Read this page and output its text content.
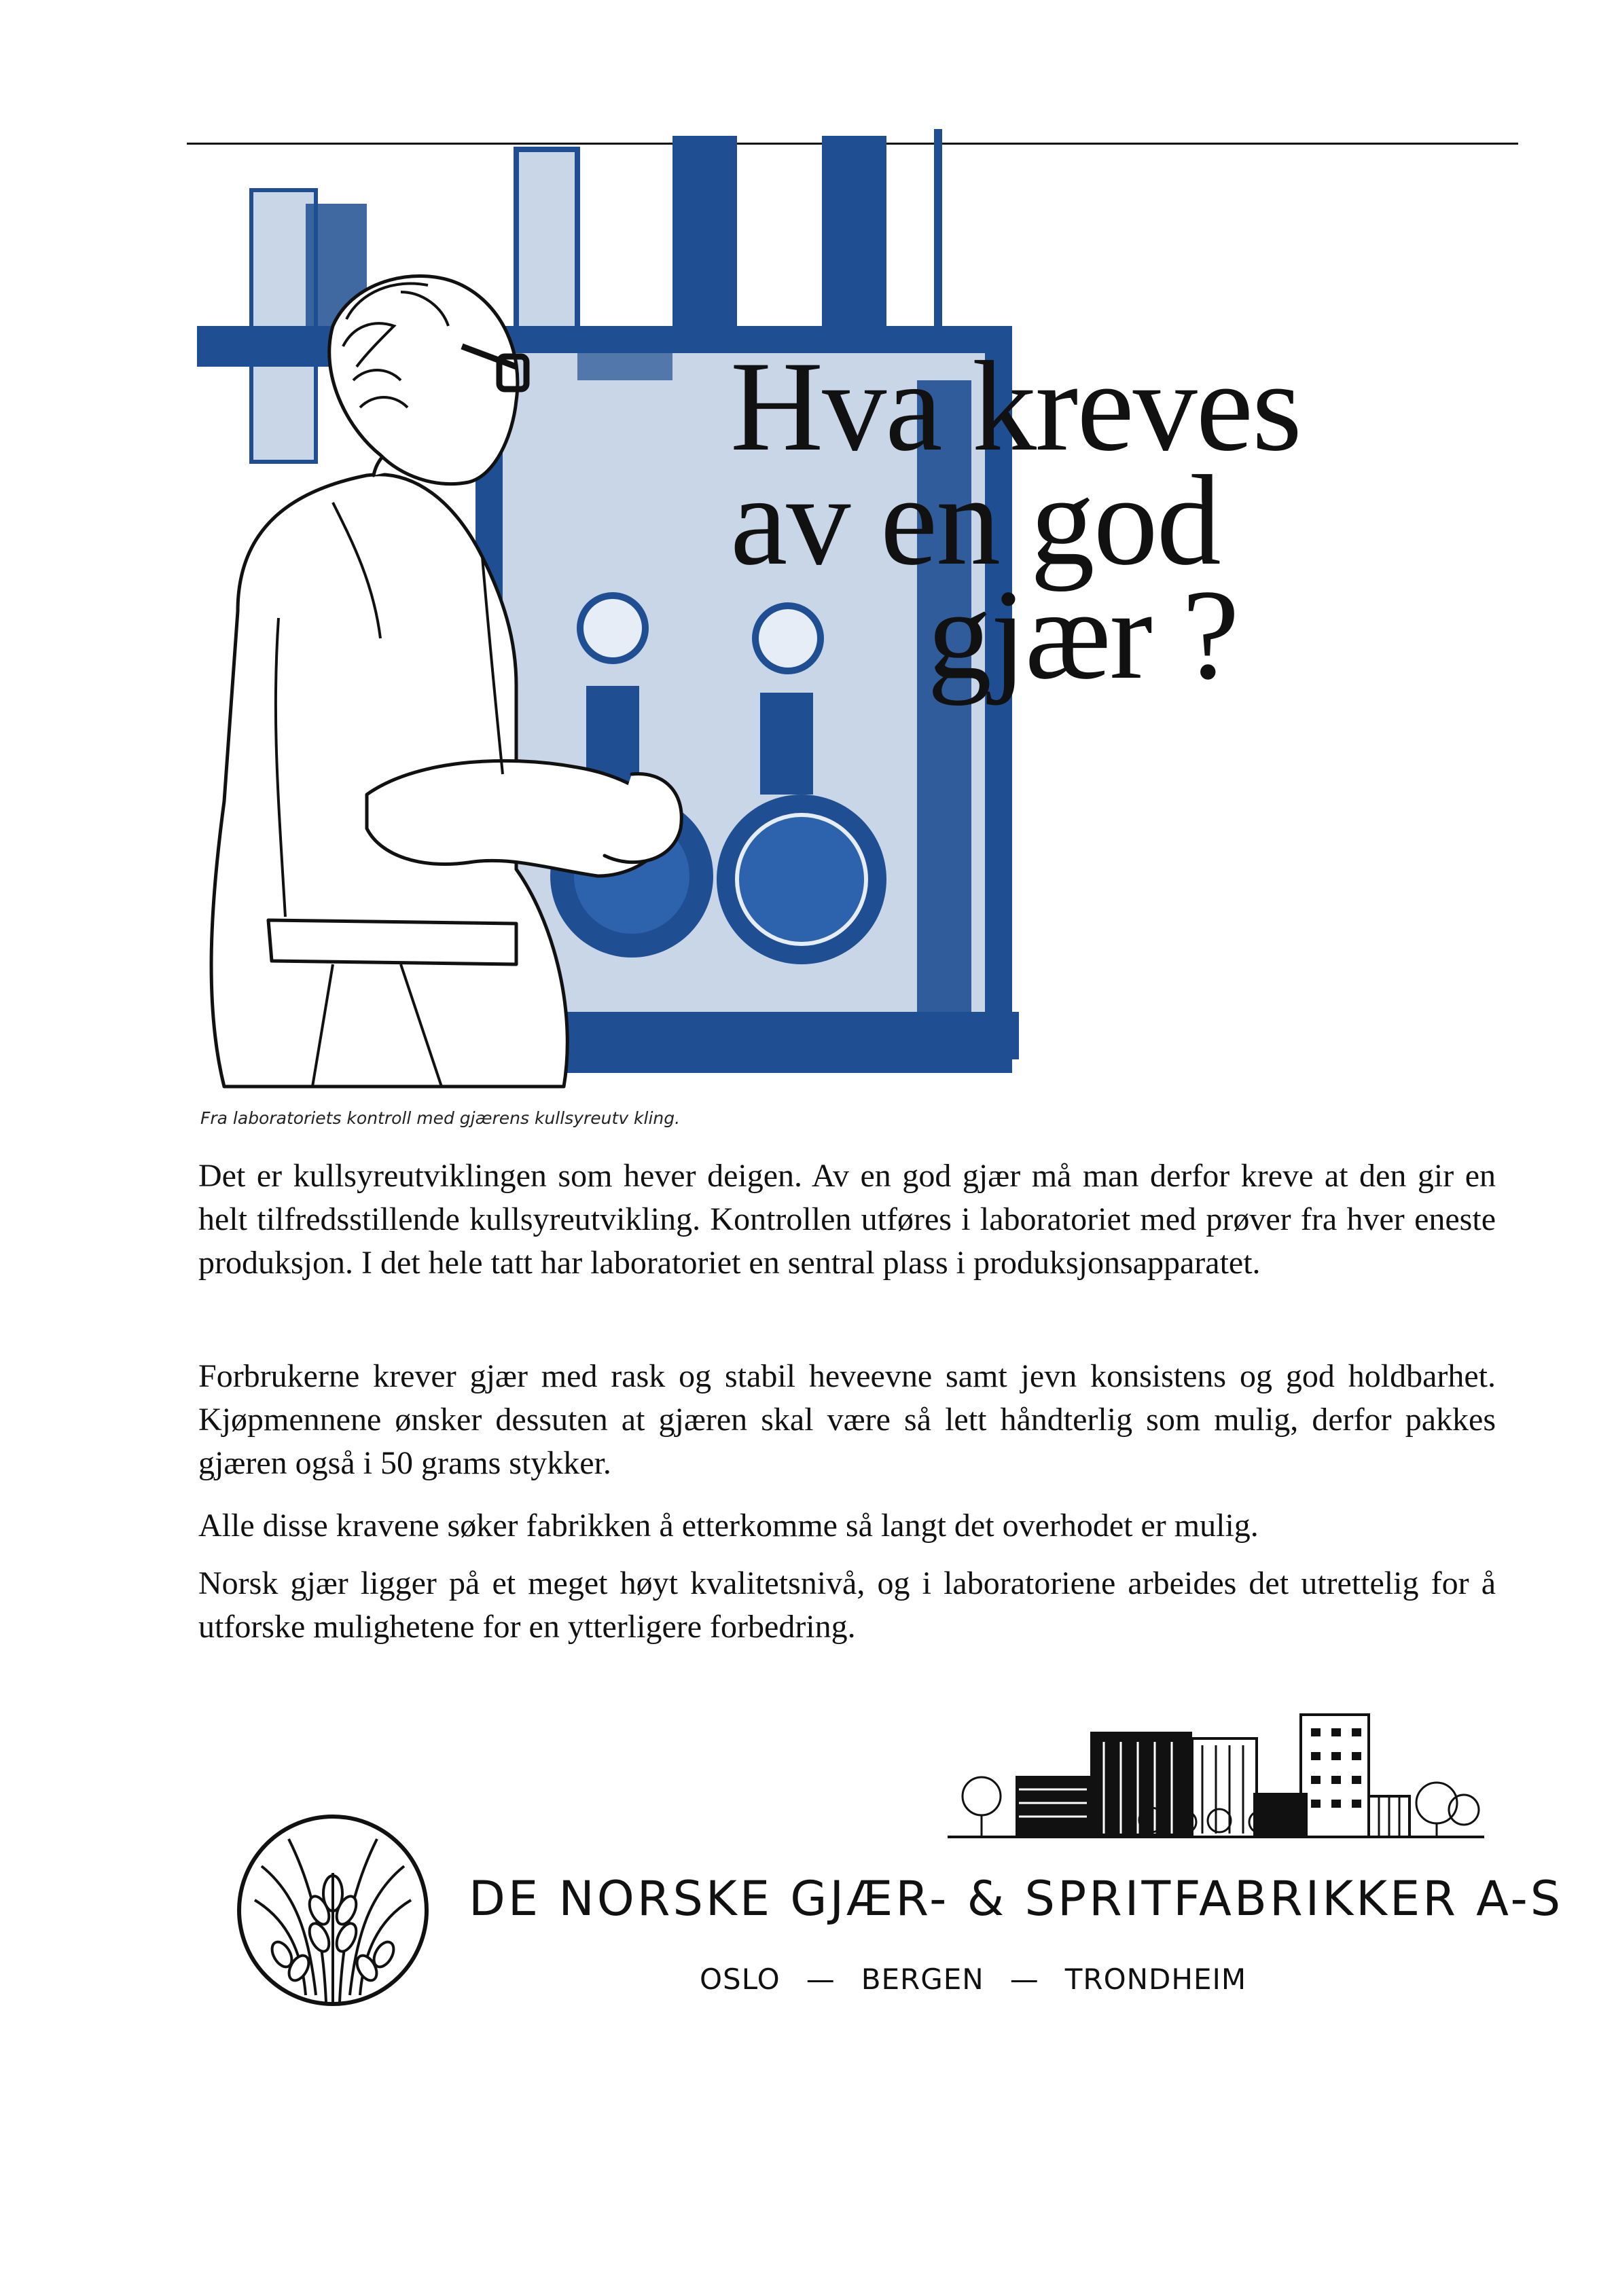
Hva kreves
av en god
gjær ?
Fra laboratoriets kontroll med gjærens kullsyreutv kling.

Det er kullsyreutviklingen som hever deigen. Av en god gjær må man derfor kreve at den gir en helt tilfredsstillende kullsyreutvikling. Kontrollen utføres i laboratoriet med prøver fra hver eneste produksjon. I det hele tatt har laboratoriet en sentral plass i produksjonsapparatet.

Forbrukerne krever gjær med rask og stabil heveevne samt jevn konsistens og god holdbarhet. Kjøpmennene ønsker dessuten at gjæren skal være så lett håndterlig som mulig, derfor pakkes gjæren også i 50 grams stykker.

Alle disse kravene søker fabrikken å etterkomme så langt det overhodet er mulig.

Norsk gjær ligger på et meget høyt kvalitetsnivå, og i laboratoriene arbeides det utrettelig for å utforske mulighetene for en ytterligere forbedring.

DE NORSKE GJÆR- & SPRITFABRIKKER A-S
OSLO — BERGEN — TRONDHEIM
